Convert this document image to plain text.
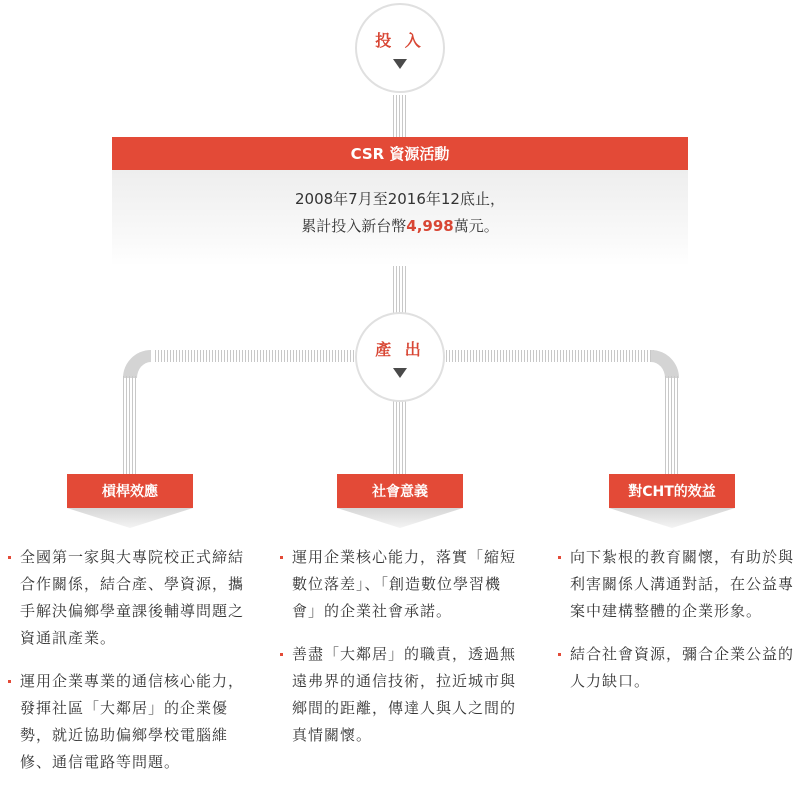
投 入
CSR 資源活動
2008年7月至2016年12底止，
累計投入新台幣4,998萬元。
產 出
槓桿效應	社會意義	對CHT的效益
全國第一家與大專院校正式締結合作關係，結合產、學資源，攜手解決偏鄉學童課後輔導問題之資通訊產業。
運用企業專業的通信核心能力，發揮社區「大鄰居」的企業優勢，就近協助偏鄉學校電腦維修、通信電路等問題。
運用企業核心能力，落實「縮短數位落差」、「創造數位學習機會」的企業社會承諾。
善盡「大鄰居」的職責，透過無遠弗界的通信技術，拉近城市與鄉間的距離，傳達人與人之間的真情關懷。
向下紮根的教育關懷，有助於與利害關係人溝通對話，在公益專案中建構整體的企業形象。
結合社會資源，彌合企業公益的人力缺口。
